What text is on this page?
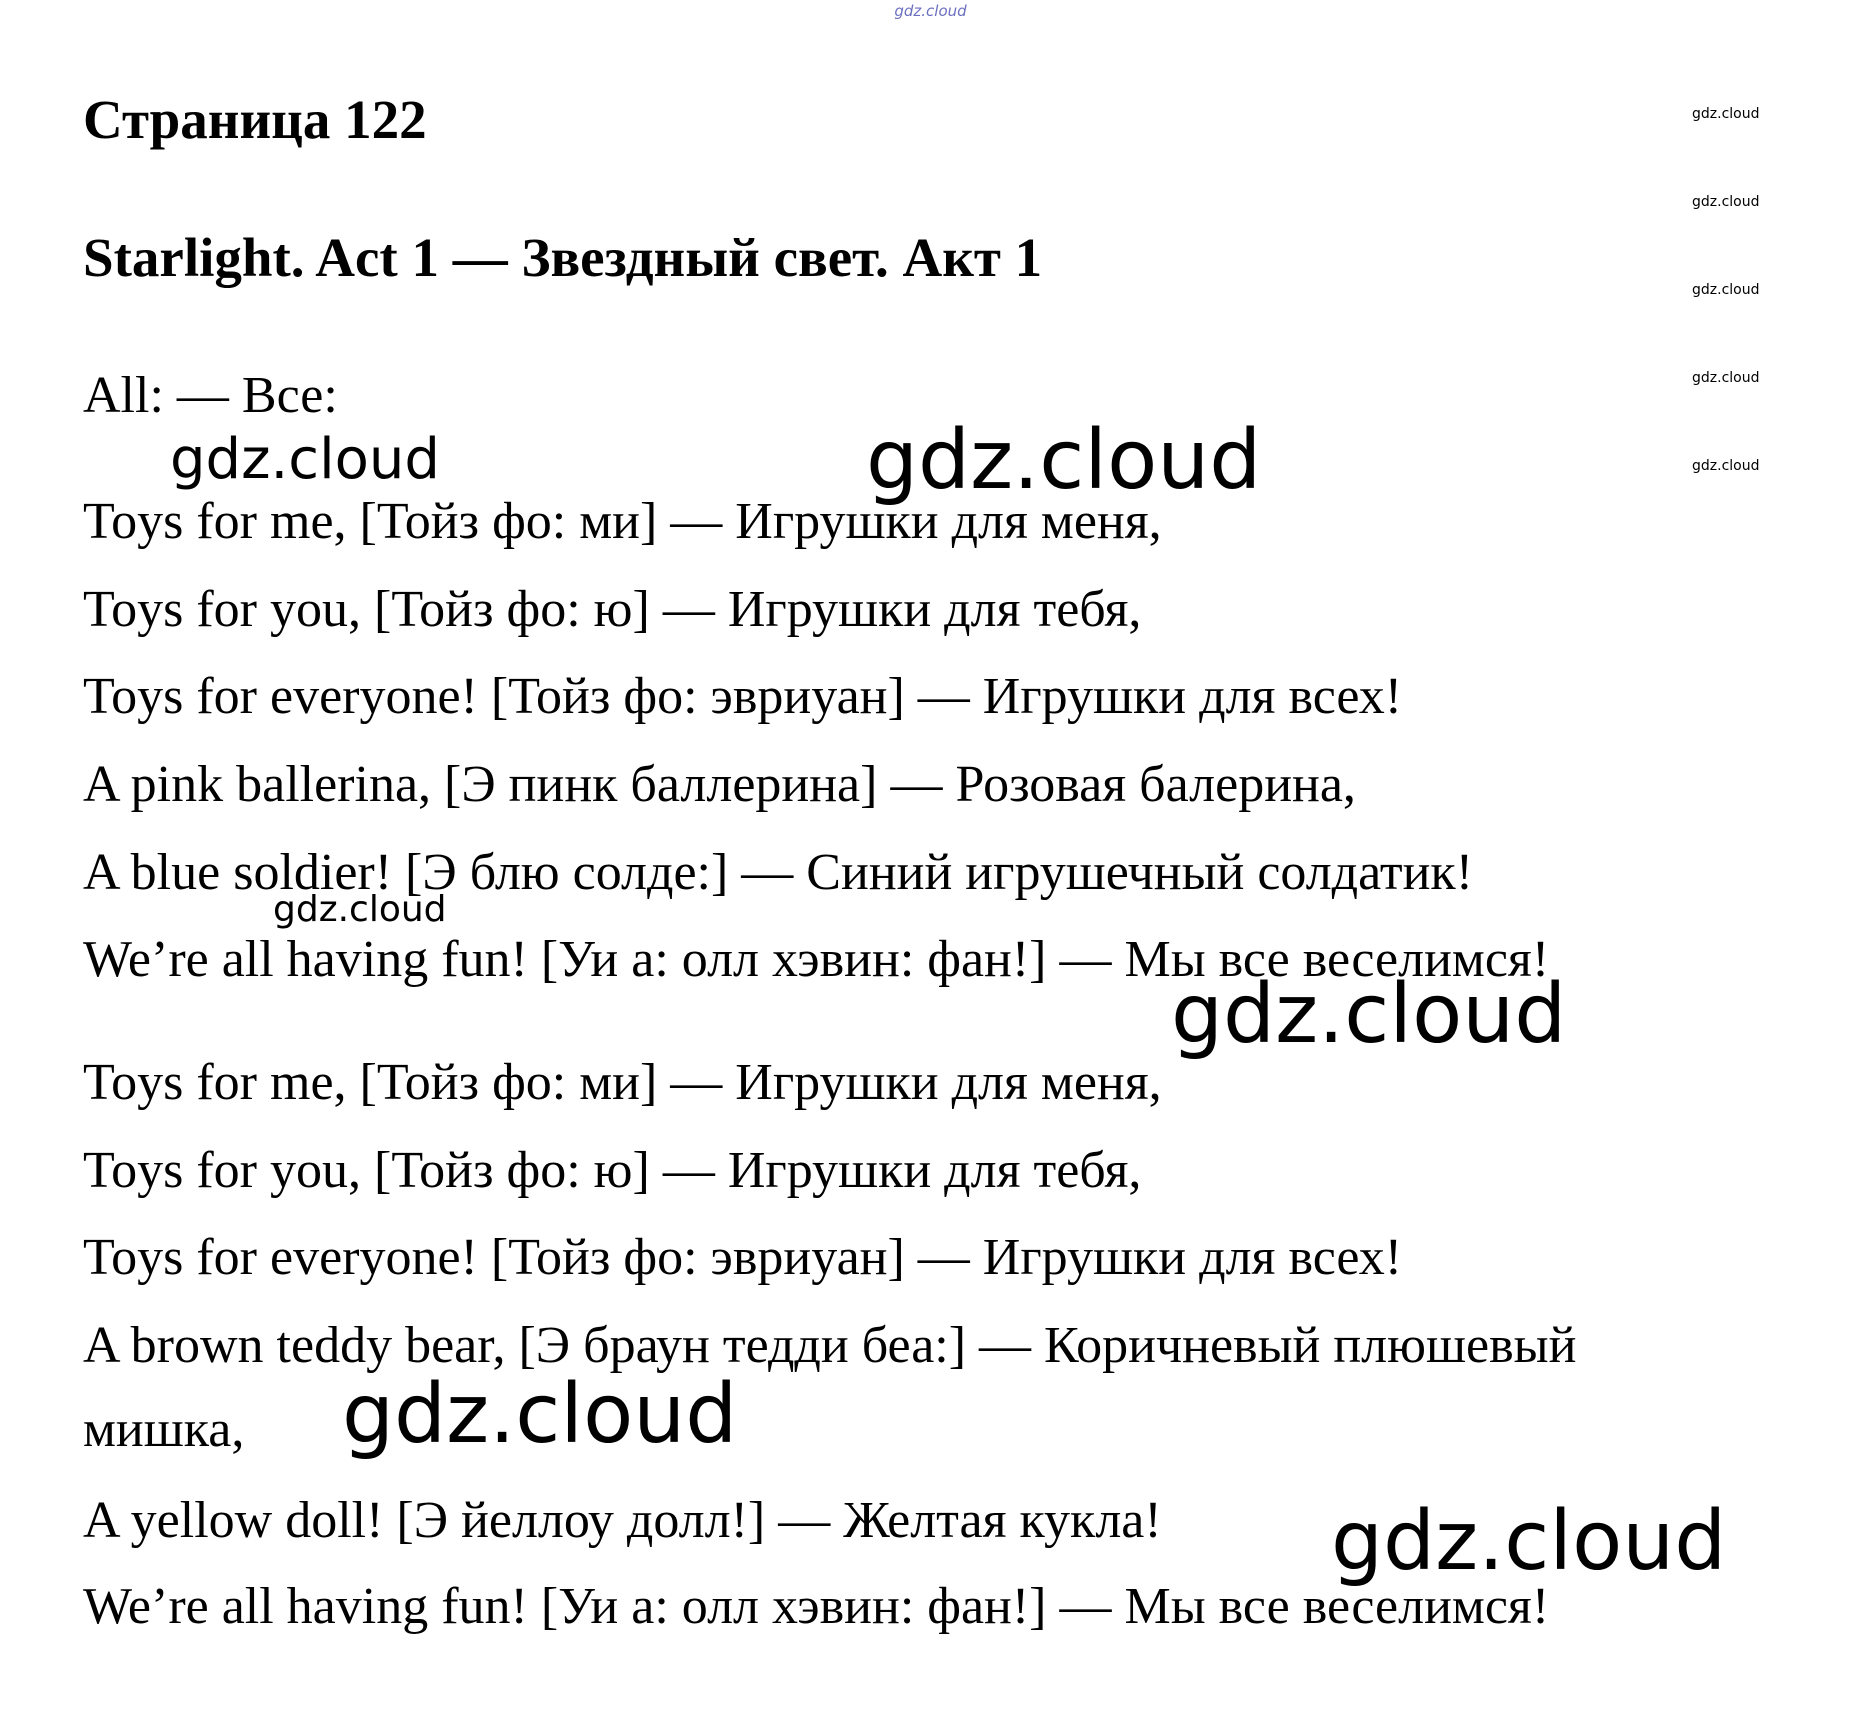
gdz.cloud
gdz.cloud
gdz.cloud
gdz.cloud
gdz.cloud
gdz.cloud
Страница 122
Starlight. Act 1 — Звездный свет. Акт 1
All: — Все:
Toys for me, [Тойз фо: ми] — Игрушки для меня,
Toys for you, [Тойз фо: ю] — Игрушки для тебя,
Toys for everyone! [Тойз фо: эвриуан] — Игрушки для всех!
A pink ballerina, [Э пинк баллерина] — Розовая балерина,
A blue soldier! [Э блю солде:] — Синий игрушечный солдатик!
We’re all having fun! [Уи а: олл хэвин: фан!] — Мы все веселимся!
Toys for me, [Тойз фо: ми] — Игрушки для меня,
Toys for you, [Тойз фо: ю] — Игрушки для тебя,
Toys for everyone! [Тойз фо: эвриуан] — Игрушки для всех!
A brown teddy bear, [Э браун тедди беа:] — Коричневый плюшевый
мишка,
A yellow doll! [Э йеллоу долл!] — Желтая кукла!
We’re all having fun! [Уи а: олл хэвин: фан!] — Мы все веселимся!
gdz.cloud	gdz.cloud
gdz.cloud
gdz.cloud
gdz.cloud
gdz.cloud
